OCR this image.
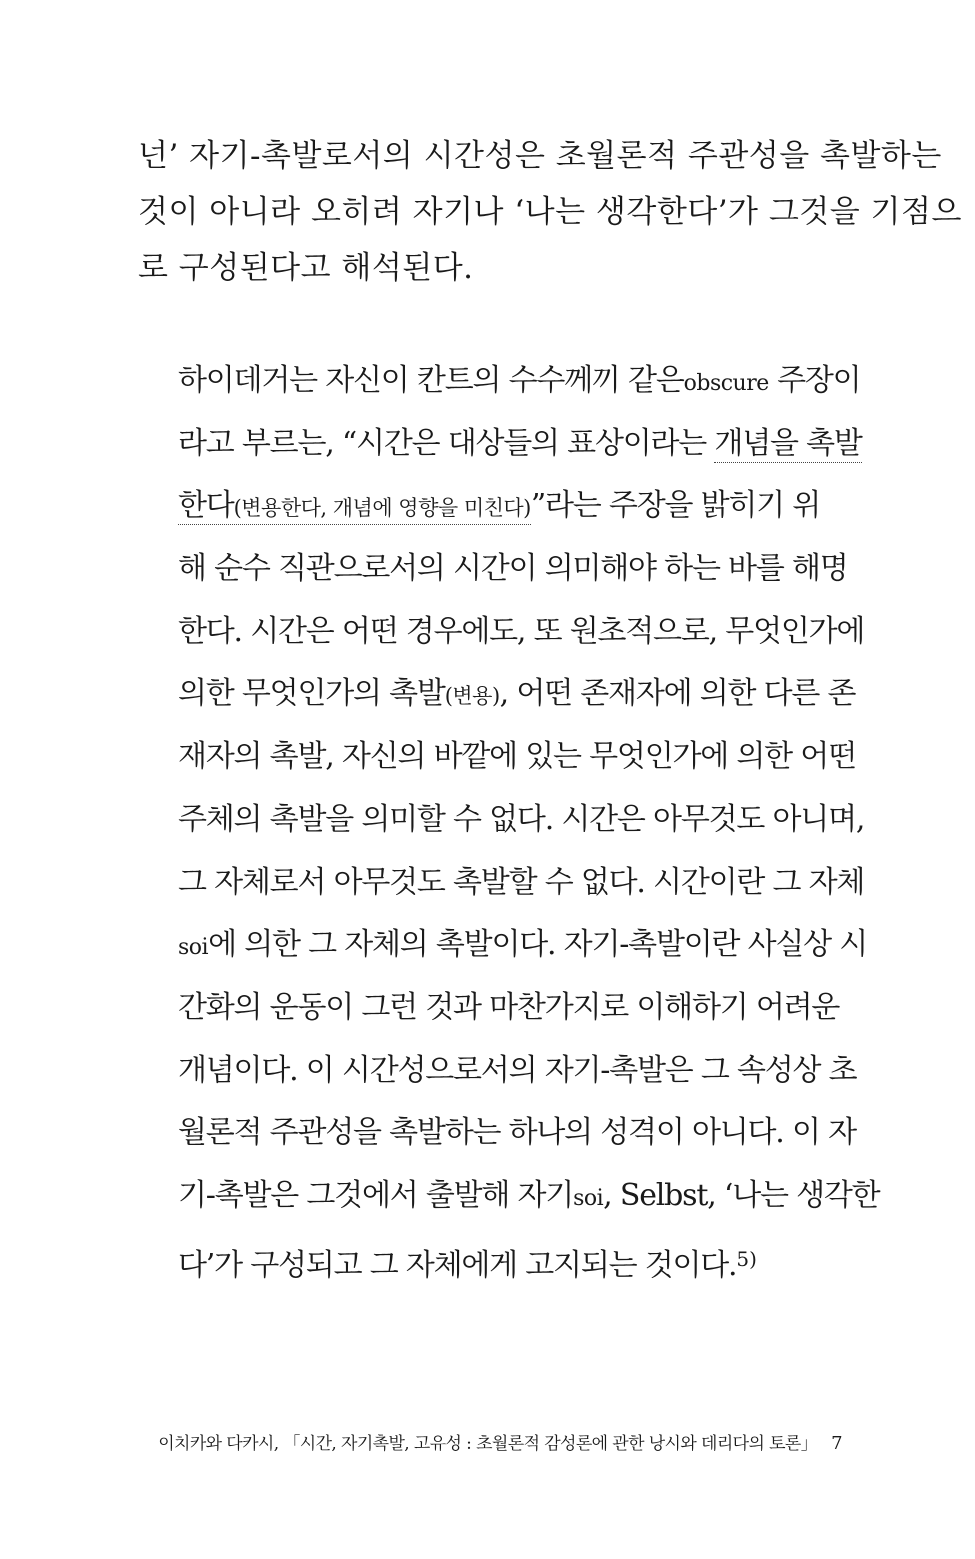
넌’ 자기-촉발로서의 시간성은 초월론적 주관성을 촉발하는
것이 아니라 오히려 자기나 ‘나는 생각한다’가 그것을 기점으
로 구성된다고 해석된다.
하이데거는 자신이 칸트의 수수께끼 같은obscure 주장이
라고 부르는, “시간은 대상들의 표상이라는 개념을 촉발
한다(변용한다, 개념에 영향을 미친다)”라는 주장을 밝히기 위
해 순수 직관으로서의 시간이 의미해야 하는 바를 해명
한다. 시간은 어떤 경우에도, 또 원초적으로, 무엇인가에
의한 무엇인가의 촉발(변용), 어떤 존재자에 의한 다른 존
재자의 촉발, 자신의 바깥에 있는 무엇인가에 의한 어떤
주체의 촉발을 의미할 수 없다. 시간은 아무것도 아니며,
그 자체로서 아무것도 촉발할 수 없다. 시간이란 그 자체
soi에 의한 그 자체의 촉발이다. 자기-촉발이란 사실상 시
간화의 운동이 그런 것과 마찬가지로 이해하기 어려운
개념이다. 이 시간성으로서의 자기-촉발은 그 속성상 초
월론적 주관성을 촉발하는 하나의 성격이 아니다. 이 자
기-촉발은 그것에서 출발해 자기soi, Selbst, ‘나는 생각한
다’가 구성되고 그 자체에게 고지되는 것이다.$^{5)}$
이치카와 다카시, 「시간, 자기촉발, 고유성 : 초월론적 감성론에 관한 낭시와 데리다의 토론」 7
